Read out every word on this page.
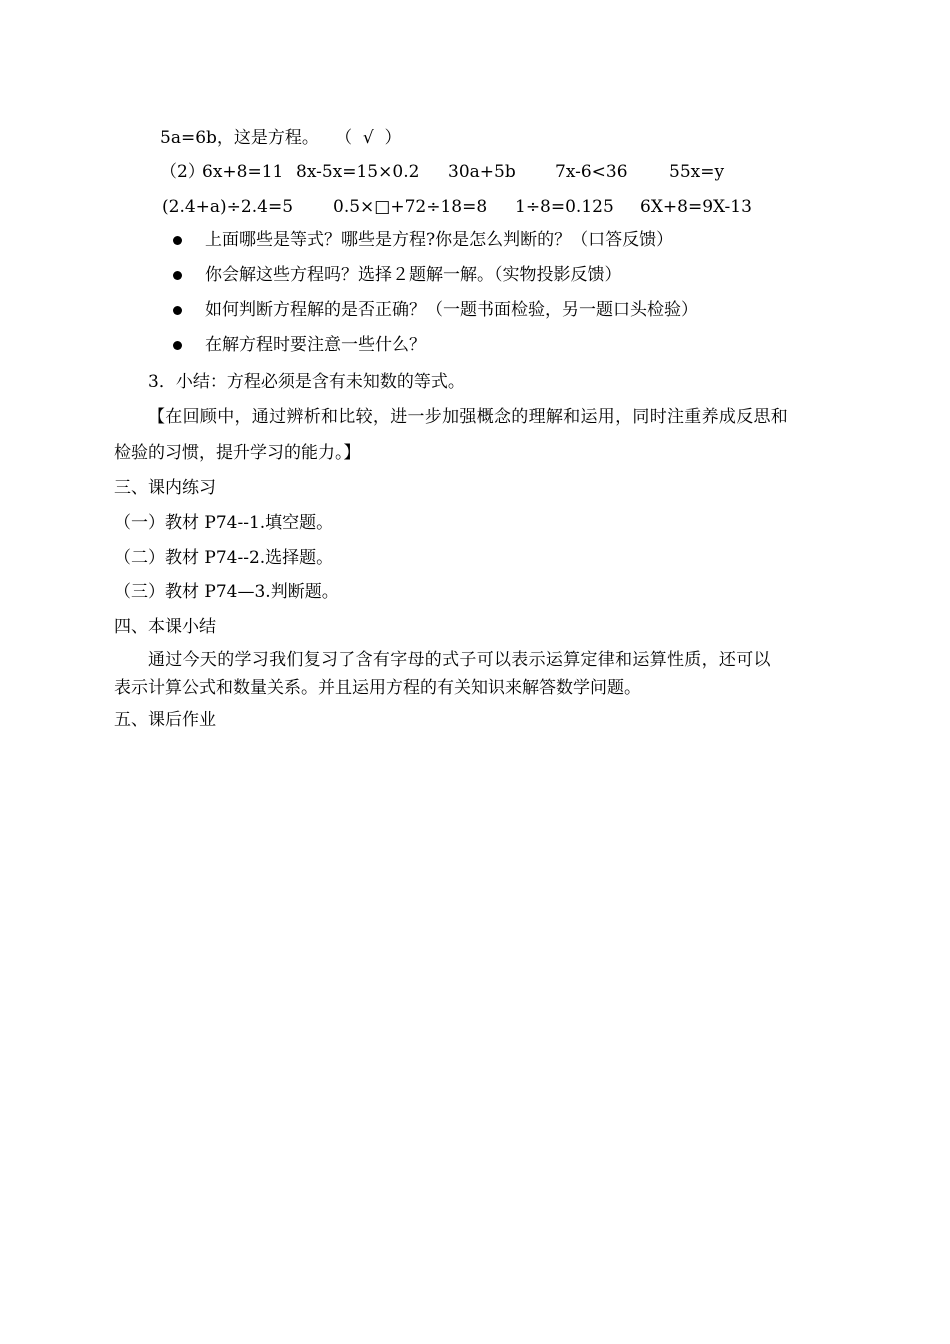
5a=6b，这是方程。   （  √  ）

（2）
6x+8=11 8x-5x=15×0.2 30a+5b 7x-6<36 55x=y
(2.4+a)÷2.4=5 0.5×□+72÷18=8 1÷8=0.125 6X+8=9X-13

上面哪些是等式？哪些是方程?你是怎么判断的？（口答反馈）

你会解这些方程吗？选择２题解一解。（实物投影反馈）

如何判断方程解的是否正确？（一题书面检验，另一题口头检验）

在解方程时要注意一些什么？

3．小结：方程必须是含有未知数的等式。

【在回顾中，通过辨析和比较，进一步加强概念的理解和运用，同时注重养成反思和

检验的习惯，提升学习的能力。】

三、课内练习

（一）教材 P74--1.填空题。

（二）教材 P74--2.选择题。

（三）教材 P74—3.判断题。

四、本课小结

通过今天的学习我们复习了含有字母的式子可以表示运算定律和运算性质，还可以

表示计算公式和数量关系。并且运用方程的有关知识来解答数学问题。

五、课后作业
